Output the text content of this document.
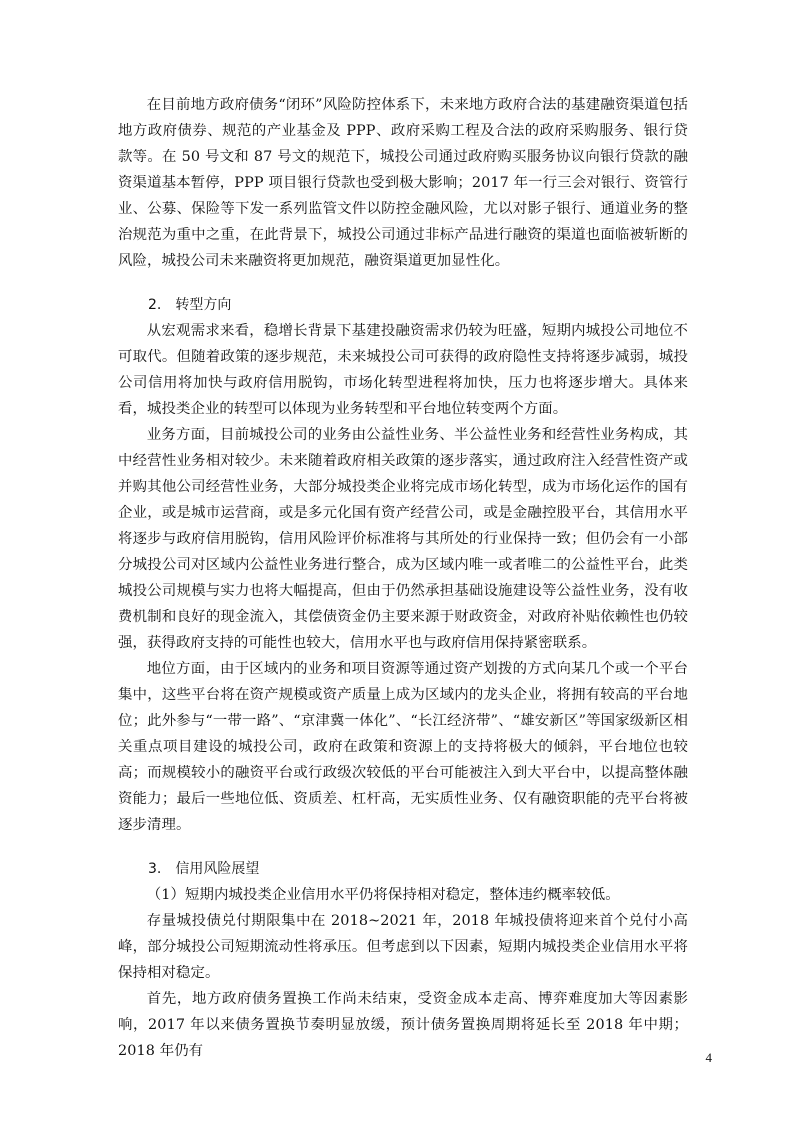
在目前地方政府债务“闭环”风险防控体系下，未来地方政府合法的基建融资渠道包括地方政府债券、规范的产业基金及 PPP、政府采购工程及合法的政府采购服务、银行贷款等。在 50 号文和 87 号文的规范下，城投公司通过政府购买服务协议向银行贷款的融资渠道基本暂停，PPP 项目银行贷款也受到极大影响；2017 年一行三会对银行、资管行业、公募、保险等下发一系列监管文件以防控金融风险，尤以对影子银行、通道业务的整治规范为重中之重，在此背景下，城投公司通过非标产品进行融资的渠道也面临被斩断的风险，城投公司未来融资将更加规范，融资渠道更加显性化。

2.　转型方向

从宏观需求来看，稳增长背景下基建投融资需求仍较为旺盛，短期内城投公司地位不可取代。但随着政策的逐步规范，未来城投公司可获得的政府隐性支持将逐步减弱，城投公司信用将加快与政府信用脱钩，市场化转型进程将加快，压力也将逐步增大。具体来看，城投类企业的转型可以体现为业务转型和平台地位转变两个方面。

业务方面，目前城投公司的业务由公益性业务、半公益性业务和经营性业务构成，其中经营性业务相对较少。未来随着政府相关政策的逐步落实，通过政府注入经营性资产或并购其他公司经营性业务，大部分城投类企业将完成市场化转型，成为市场化运作的国有企业，或是城市运营商，或是多元化国有资产经营公司，或是金融控股平台，其信用水平将逐步与政府信用脱钩，信用风险评价标准将与其所处的行业保持一致；但仍会有一小部分城投公司对区域内公益性业务进行整合，成为区域内唯一或者唯二的公益性平台，此类城投公司规模与实力也将大幅提高，但由于仍然承担基础设施建设等公益性业务，没有收费机制和良好的现金流入，其偿债资金仍主要来源于财政资金，对政府补贴依赖性也仍较强，获得政府支持的可能性也较大，信用水平也与政府信用保持紧密联系。

地位方面，由于区域内的业务和项目资源等通过资产划拨的方式向某几个或一个平台集中，这些平台将在资产规模或资产质量上成为区域内的龙头企业，将拥有较高的平台地位；此外参与“一带一路”、“京津冀一体化”、“长江经济带”、“雄安新区”等国家级新区相关重点项目建设的城投公司，政府在政策和资源上的支持将极大的倾斜，平台地位也较高；而规模较小的融资平台或行政级次较低的平台可能被注入到大平台中，以提高整体融资能力；最后一些地位低、资质差、杠杆高，无实质性业务、仅有融资职能的壳平台将被逐步清理。

3.　信用风险展望

（1）短期内城投类企业信用水平仍将保持相对稳定，整体违约概率较低。

存量城投债兑付期限集中在 2018~2021 年，2018 年城投债将迎来首个兑付小高峰，部分城投公司短期流动性将承压。但考虑到以下因素，短期内城投类企业信用水平将保持相对稳定。

首先，地方政府债务置换工作尚未结束，受资金成本走高、博弈难度加大等因素影响，2017 年以来债务置换节奏明显放缓，预计债务置换周期将延长至 2018 年中期；2018 年仍有	4
